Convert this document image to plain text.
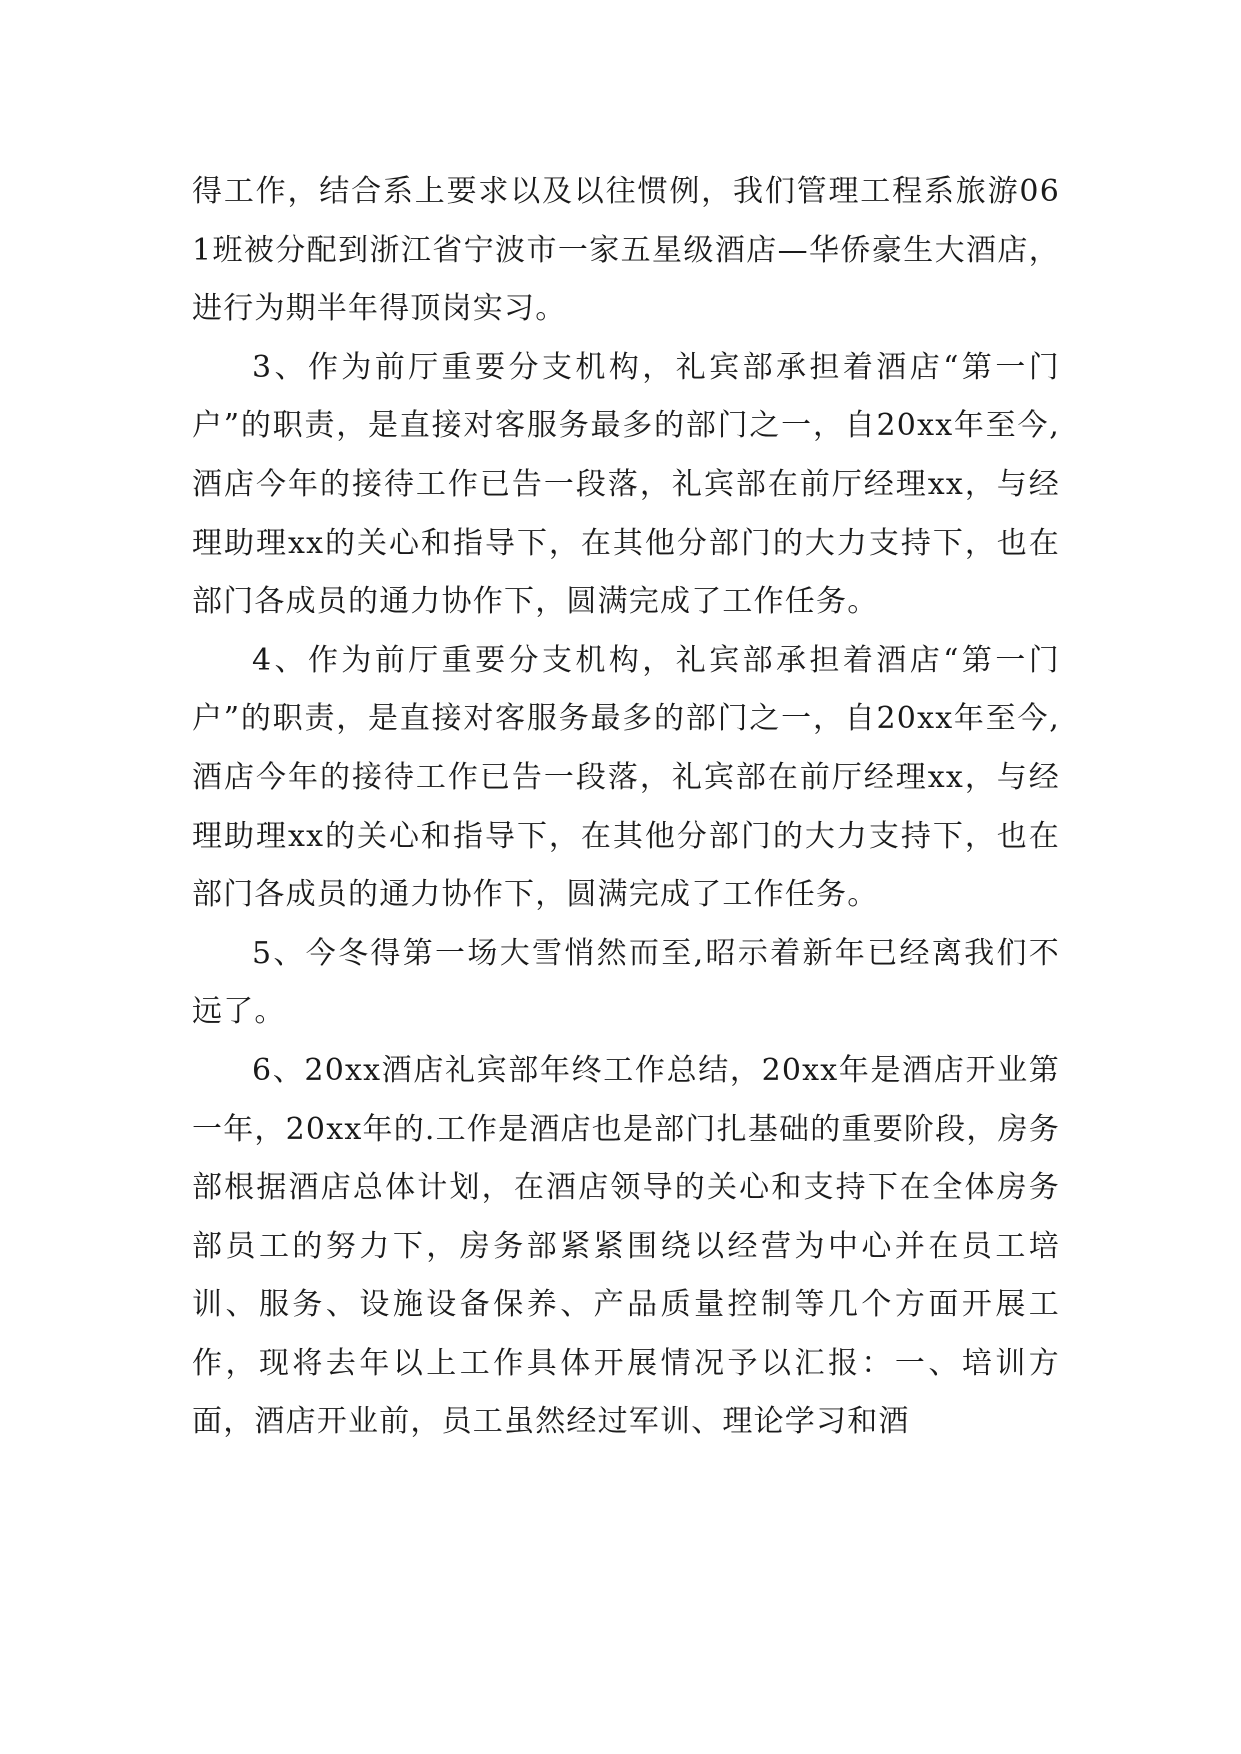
得工作，结合系上要求以及以往惯例，我们管理工程系旅游061班被分配到浙江省宁波市一家五星级酒店—华侨豪生大酒店，进行为期半年得顶岗实习。

3、作为前厅重要分支机构，礼宾部承担着酒店“第一门户”的职责，是直接对客服务最多的部门之一，自20xx年至今,酒店今年的接待工作已告一段落，礼宾部在前厅经理xx，与经理助理xx的关心和指导下，在其他分部门的大力支持下，也在部门各成员的通力协作下，圆满完成了工作任务。

4、作为前厅重要分支机构，礼宾部承担着酒店“第一门户”的职责，是直接对客服务最多的部门之一，自20xx年至今,酒店今年的接待工作已告一段落，礼宾部在前厅经理xx，与经理助理xx的关心和指导下，在其他分部门的大力支持下，也在部门各成员的通力协作下，圆满完成了工作任务。

5、今冬得第一场大雪悄然而至,昭示着新年已经离我们不远了。

6、20xx酒店礼宾部年终工作总结，20xx年是酒店开业第一年，20xx年的.工作是酒店也是部门扎基础的重要阶段，房务部根据酒店总体计划，在酒店领导的关心和支持下在全体房务部员工的努力下，房务部紧紧围绕以经营为中心并在员工培训、服务、设施设备保养、产品质量控制等几个方面开展工作，现将去年以上工作具体开展情况予以汇报：一、培训方面，酒店开业前，员工虽然经过军训、理论学习和酒
